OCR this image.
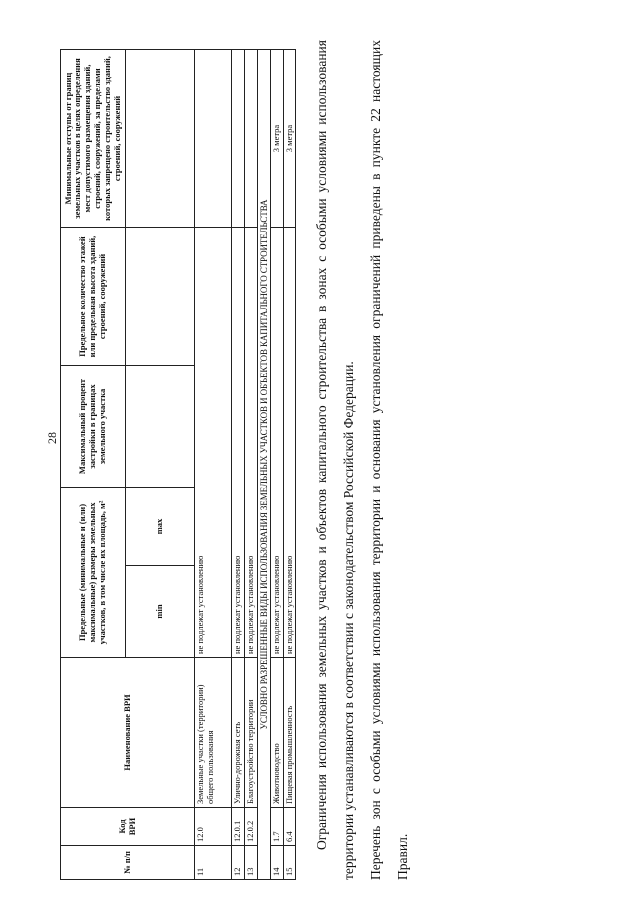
28
№ п/п	Код ВРИ	Наименование ВРИ	Предельные (минимальные и (или) максимальные) размеры земельных участков, в том числе их площадь, м²		Максимальный процент застройки в границах земельного участка	Предельное количество этажей или предельная высота зданий, строений, сооружений	Минимальные отступы от границ земельных участков в целях определения мест допустимого размещения зданий, строений, сооружений, за пределами которых запрещено строительство зданий, строений, сооружений
			min	max			

11	12.0	Земельные участки (территории) общего пользования	не подлежат установлению				
12	12.0.1	Улично-дорожная сеть	не подлежат установлению				
13	12.0.2	Благоустройство территории	не подлежат установлению				
УСЛОВНО РАЗРЕШЕННЫЕ ВИДЫ ИСПОЛЬЗОВАНИЯ ЗЕМЕЛЬНЫХ УЧАСТКОВ И ОБЪЕКТОВ КАПИТАЛЬНОГО СТРОИТЕЛЬСТВА							
14	1.7	Животноводство	не подлежат установлению				3 метра
15	6.4	Пищевая промышленность	не подлежат установлению				3 метра	Ограничения использования земельных участков и объектов капитального строительства в зонах с особыми условиями использования территории устанавливаются в соответствии с законодательством Российской Федерации. Перечень зон с особыми условиями использования территории и основания установления ограничений приведены в пункте 22 настоящих Правил.
